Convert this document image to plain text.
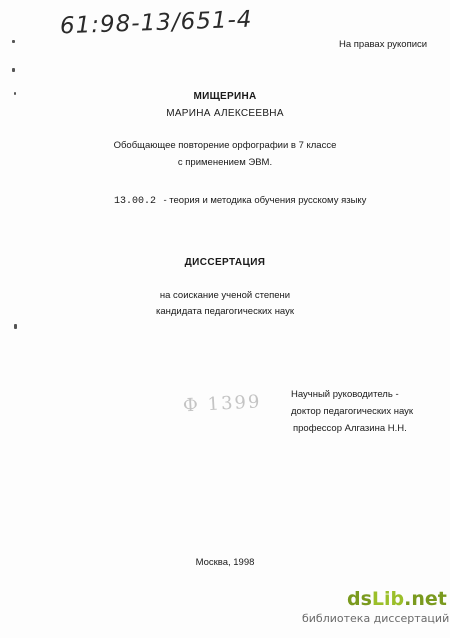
61:98-13/651-4
На правах рукописи
МИЩЕРИНА
МАРИНА АЛЕКСЕЕВНА
Обобщающее повторение орфографии в 7 классе
с применением ЭВМ.
13.00.2 - теория и методика обучения русскому языку
ДИССЕРТАЦИЯ
на соискание ученой степени
кандидата педагогических наук
Ф 1399	Научный руководитель -
доктор педагогических наук
профессор Алгазина Н.Н.
Москва, 1998
dsLib.net
библиотека диссертаций
